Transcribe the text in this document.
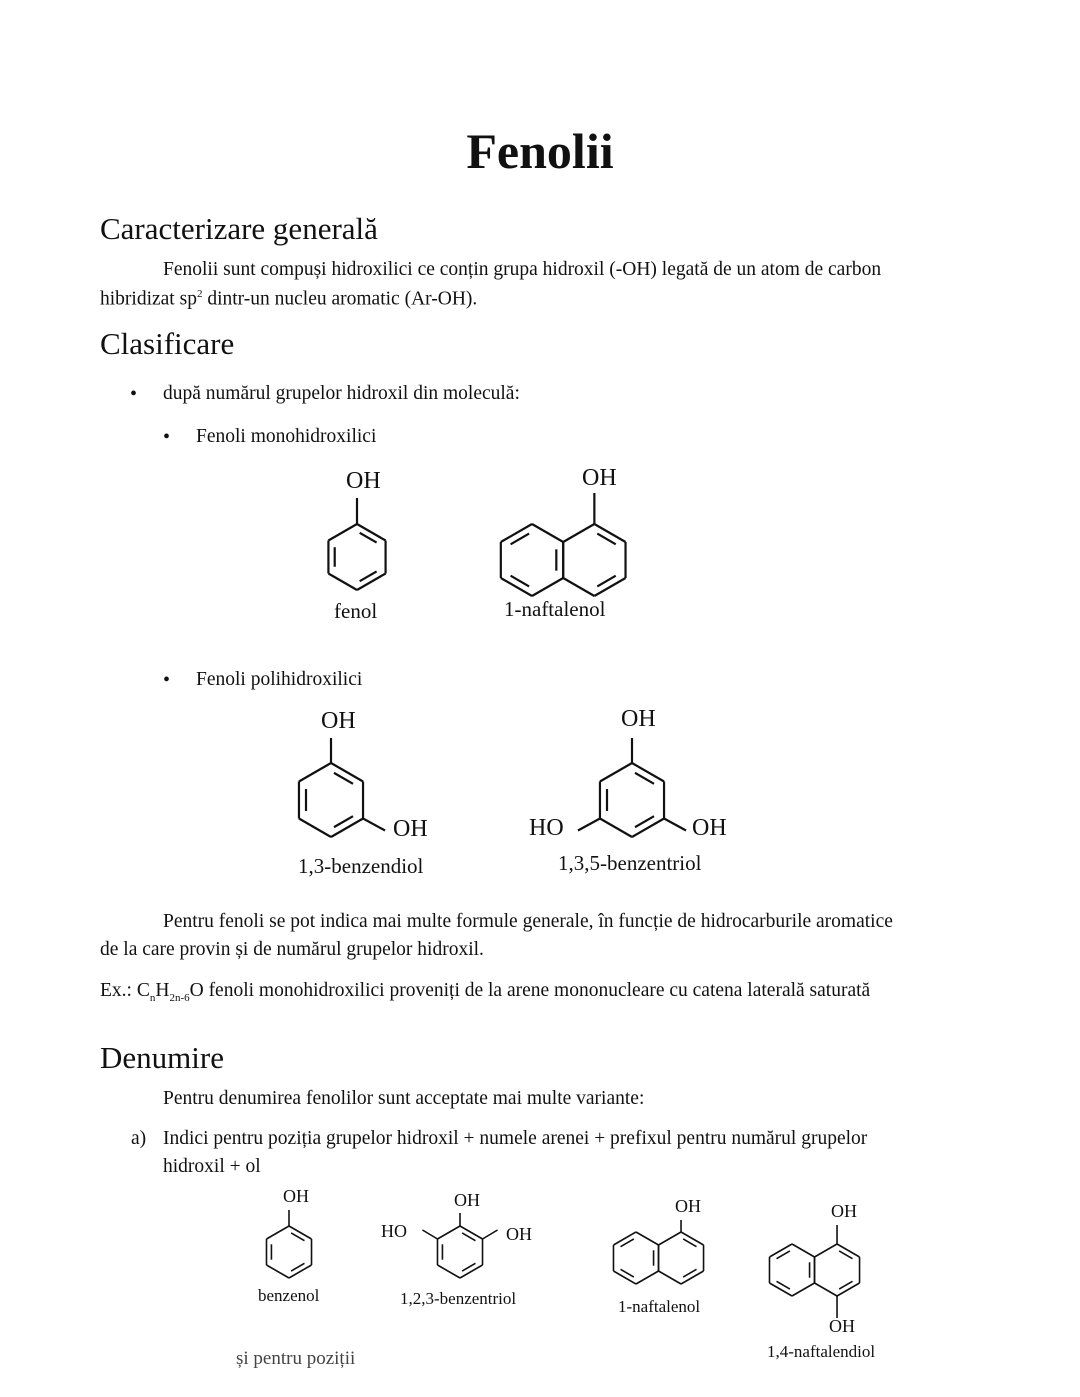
Fenolii
Caracterizare generală
Fenolii sunt compuși hidroxilici ce conțin grupa hidroxil (-OH) legată de un atom de carbon
hibridizat $sp^2$ dintr-un nucleu aromatic (Ar-OH).
Clasificare
• după numărul grupelor hidroxil din moleculă:
• Fenoli monohidroxilici
OH
fenol
OH
1-naftalenol
• Fenoli polihidroxilici
OH
OH
1,3-benzendiol
OH
HO	OH
1,3,5-benzentriol
Pentru fenoli se pot indica mai multe formule generale, în funcție de hidrocarburile aromatice
de la care provin și de numărul grupelor hidroxil.
Ex.: $C_nH_{2n-6}O$ fenoli monohidroxilici proveniți de la arene mononucleare cu catena laterală saturată
Denumire
Pentru denumirea fenolilor sunt acceptate mai multe variante:
a) Indici pentru poziția grupelor hidroxil + numele arenei + prefixul pentru numărul grupelor
hidroxil + ol
OH
benzenol
OH
HO	OH
1,2,3-benzentriol
OH
1-naftalenol
OH
OH
1,4-naftalendiol
și pentru poziții
